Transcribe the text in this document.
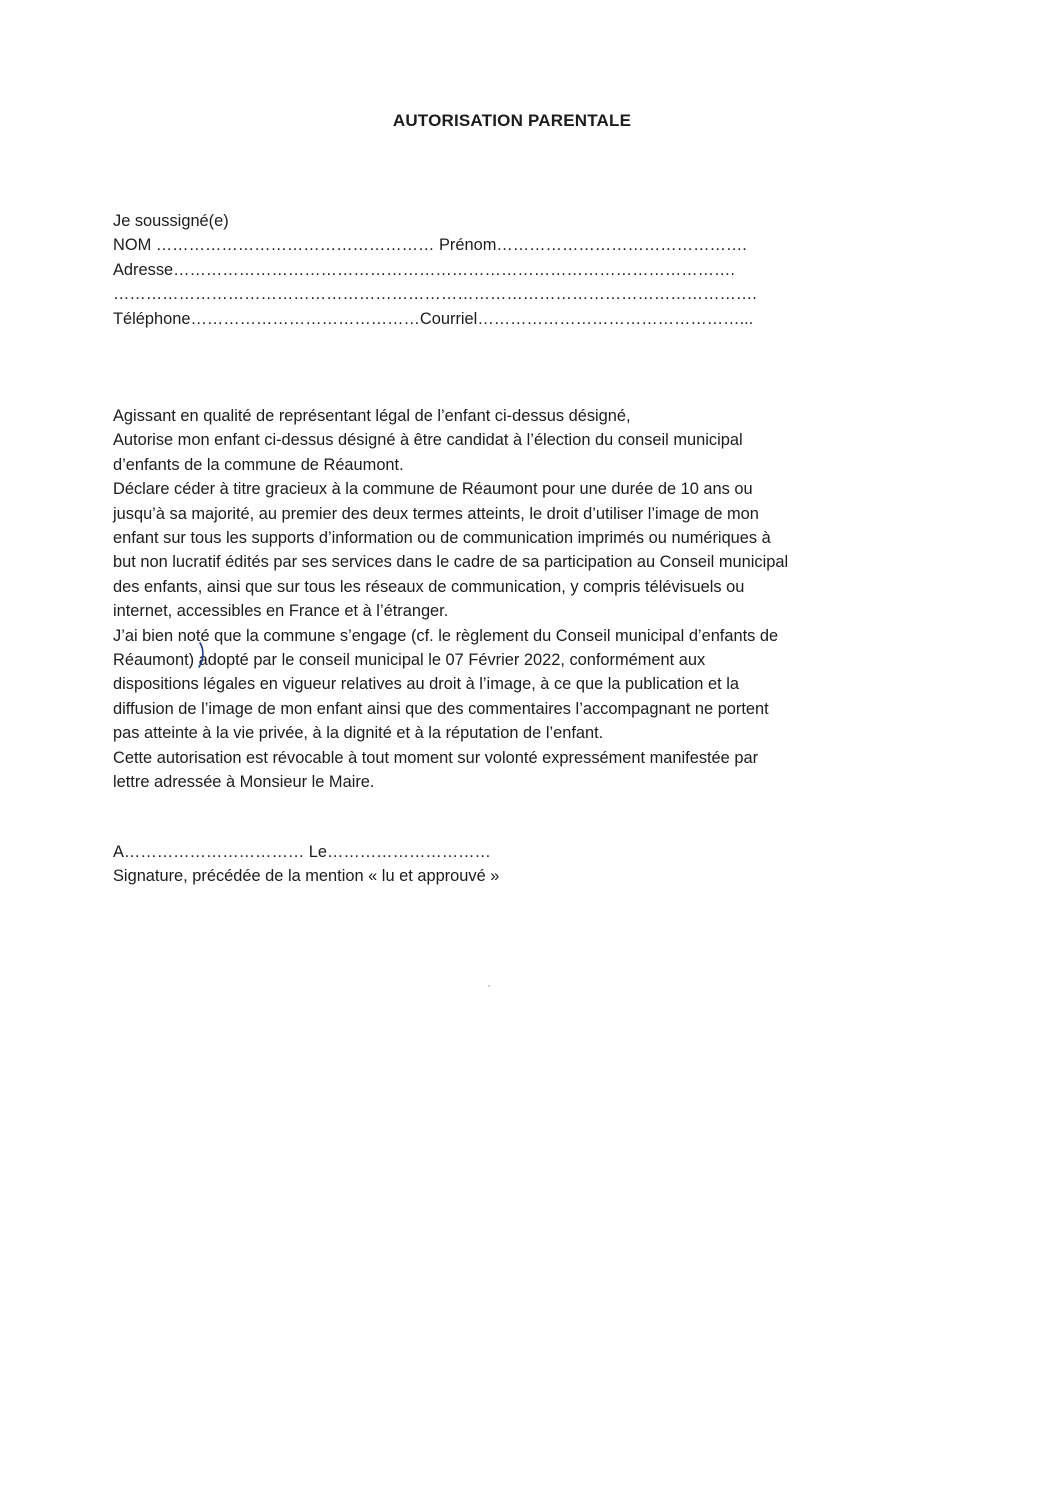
AUTORISATION PARENTALE
Je soussigné(e)
NOM …………………………………………… Prénom……………………………………….
Adresse………………………………………………………………………………………….
……………………………………………………………………………………………………….
Téléphone……………………………………Courriel…………………………………………...
Agissant en qualité de représentant légal de l’enfant ci-dessus désigné,
Autorise mon enfant ci-dessus désigné à être candidat à l’élection du conseil municipal
d’enfants de la commune de Réaumont.
Déclare céder à titre gracieux à la commune de Réaumont pour une durée de 10 ans ou
jusqu’à sa majorité, au premier des deux termes atteints, le droit d’utiliser l’image de mon
enfant sur tous les supports d’information ou de communication imprimés ou numériques à
but non lucratif édités par ses services dans le cadre de sa participation au Conseil municipal
des enfants, ainsi que sur tous les réseaux de communication, y compris télévisuels ou
internet, accessibles en France et à l’étranger.
J’ai bien noté que la commune s’engage (cf. le règlement du Conseil municipal d’enfants de
Réaumont) adopté par le conseil municipal le 07 Février 2022, conformément aux
dispositions légales en vigueur relatives au droit à l’image, à ce que la publication et la
diffusion de l’image de mon enfant ainsi que des commentaires l’accompagnant ne portent
pas atteinte à la vie privée, à la dignité et à la réputation de l’enfant.
Cette autorisation est révocable à tout moment sur volonté expressément manifestée par
lettre adressée à Monsieur le Maire.
A…………………………… Le…………………………
Signature, précédée de la mention « lu et approuvé »
